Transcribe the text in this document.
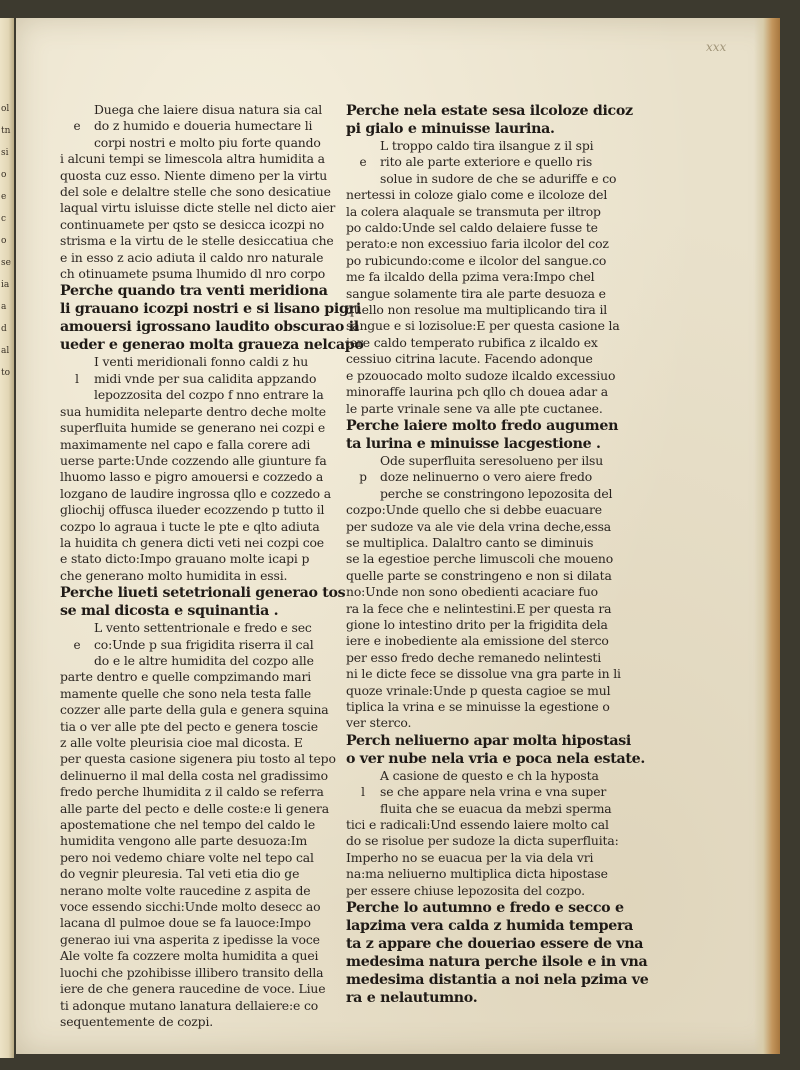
oltnsioecoseiaadalto
xxx
e
Duega che laiere disua natura sia cal
do z humido e doueria humectare li
corpi nostri e molto piu forte quando
i alcuni tempi se limescola altra humidita a
quosta cuz esso. Niente dimeno per la virtu
del sole e delaltre stelle che sono desicatiue
laqual virtu isluisse dicte stelle nel dicto aier
continuamete per qsto se desicca icozpi no
strisma e la virtu de le stelle desiccatiua che
e in esso z acio adiuta il caldo nro naturale
ch otinuamete psuma lhumido dl nro corpo
Perche quando tra venti meridiona
li grauano icozpi nostri e si lisano pigri
amouersi igrossano laudito obscurao il
ueder e generao molta graueza nelcapo
l
I venti meridionali fonno caldi z hu
midi vnde per sua calidita appzando
lepozzosita del cozpo f nno entrare la
sua humidita neleparte dentro deche molte
superfluita humide se generano nei cozpi e
maximamente nel capo e falla corere adi
uerse parte:Unde cozzendo alle giunture fa
lhuomo lasso e pigro amouersi e cozzedo a
lozgano de laudire ingrossa qllo e cozzedo a
gliochij offusca ilueder ecozzendo p tutto il
cozpo lo agraua i tucte le pte e qlto adiuta
la huidita ch genera dicti veti nei cozpi coe
e stato dicto:Impo grauano molte icapi p
che generano molto humidita in essi.
Perche liueti setetrionali generao tos
se mal dicosta e squinantia .
e
L vento settentrionale e fredo e sec
co:Unde p sua frigidita riserra il cal
do e le altre humidita del cozpo alle
parte dentro e quelle compzimando mari
mamente quelle che sono nela testa falle
cozzer alle parte della gula e genera squina
tia o ver alle pte del pecto e genera toscie
z alle volte pleurisia cioe mal dicosta. E
per questa casione sigenera piu tosto al tepo
delinuerno il mal della costa nel gradissimo
fredo perche lhumidita z il caldo se referra
alle parte del pecto e delle coste:e li genera
apostematione che nel tempo del caldo le
humidita vengono alle parte desuoza:Im
pero noi vedemo chiare volte nel tepo cal
do vegnir pleuresia. Tal veti etia dio ge
nerano molte volte raucedine z aspita de
voce essendo sicchi:Unde molto desecc ao
lacana dl pulmoe doue se fa lauoce:Impo
generao iui vna asperita z ipedisse la voce
Ale volte fa cozzere molta humidita a quei
luochi che pzohibisse illibero transito della
iere de che genera raucedine de voce. Liue
ti adonque mutano lanatura dellaiere:e co
sequentemente de cozpi.
Perche nela estate sesa ilcoloze dicoz
pi gialo e minuisse laurina.
e
L troppo caldo tira ilsangue z il spi
rito ale parte exteriore e quello ris
solue in sudore de che se aduriffe e co
nertessi in coloze gialo come e ilcoloze del
la colera alaquale se transmuta per iltrop
po caldo:Unde sel caldo delaiere fusse te
perato:e non excessiuo faria ilcolor del coz
po rubicundo:come e ilcolor del sangue.co
me fa ilcaldo della pzima vera:Impo chel
sangue solamente tira ale parte desuoza e
quello non resolue ma multiplicando tira il
sangue e si lozisolue:E per questa casione la
iere caldo temperato rubifica z ilcaldo ex
cessiuo citrina lacute. Facendo adonque
e pzouocado molto sudoze ilcaldo excessiuo
minoraffe laurina pch qllo ch douea adar a
le parte vrinale sene va alle pte cuctanee.
Perche laiere molto fredo augumen
ta lurina e minuisse lacgestione .
p
Ode superfluita seresolueno per ilsu
doze nelinuerno o vero aiere fredo
perche se constringono lepozosita del
cozpo:Unde quello che si debbe euacuare
per sudoze va ale vie dela vrina deche,essa
se multiplica. Dalaltro canto se diminuis
se la egestioe perche limuscoli che moueno
quelle parte se constringeno e non si dilata
no:Unde non sono obedienti acaciare fuo
ra la fece che e nelintestini.E per questa ra
gione lo intestino drito per la frigidita dela
iere e inobediente ala emissione del sterco
per esso fredo deche remanedo nelintesti
ni le dicte fece se dissolue vna gra parte in li
quoze vrinale:Unde p questa cagioe se mul
tiplica la vrina e se minuisse la egestione o
ver sterco.
Perch neliuerno apar molta hipostasi
o ver nube nela vria e poca nela estate.
l
A casione de questo e ch la hyposta
se che appare nela vrina e vna super
fluita che se euacua da mebzi sperma
tici e radicali:Und essendo laiere molto cal
do se risolue per sudoze la dicta superfluita:
Imperho no se euacua per la via dela vri
na:ma neliuerno multiplica dicta hipostase
per essere chiuse lepozosita del cozpo.
Perche lo autumno e fredo e secco e
lapzima vera calda z humida tempera
ta z appare che doueriao essere de vna
medesima natura perche ilsole e in vna
medesima distantia a noi nela pzima ve
ra e nelautumno.
